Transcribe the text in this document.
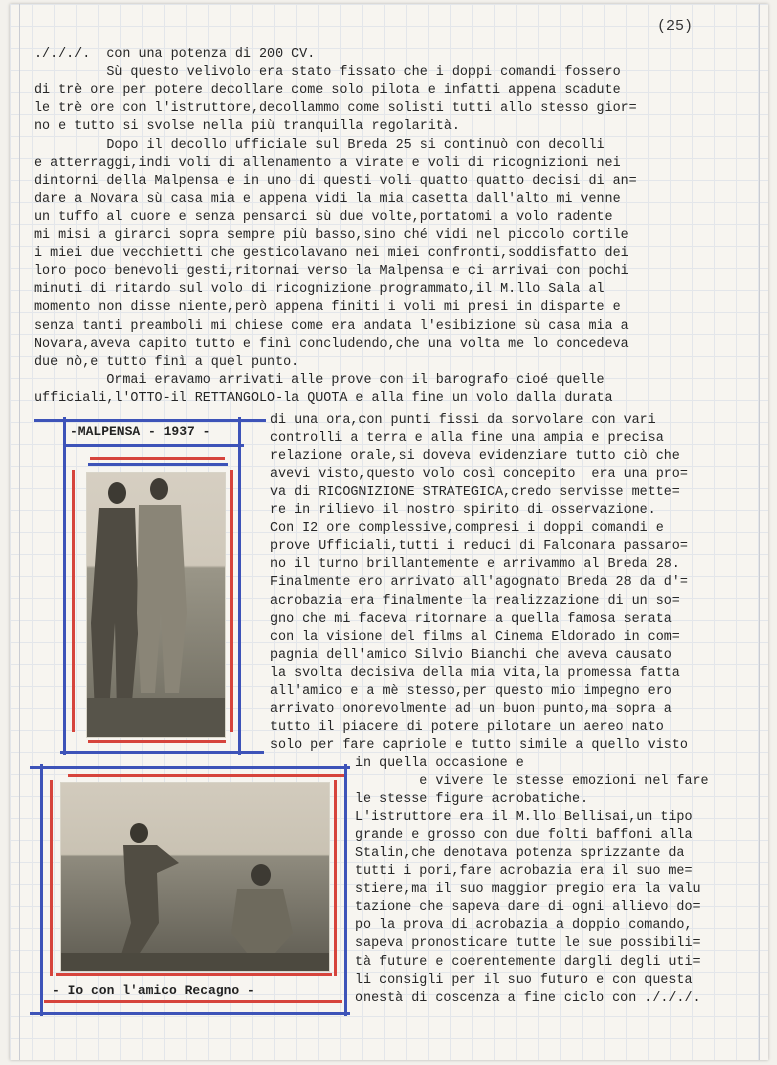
(25)
./././.  con una potenza di 200 CV.
Sù questo velivolo era stato fissato che i doppi comandi fossero
di trè ore per potere decollare come solo pilota e infatti appena scadute
le trè ore con l'istruttore,decollammo come solisti tutti allo stesso gior=
no e tutto si svolse nella più tranquilla regolarità.
Dopo il decollo ufficiale sul Breda 25 si continuò con decolli
e atterraggi,indi voli di allenamento a virate e voli di ricognizioni nei
dintorni della Malpensa e in uno di questi voli quatto quatto decisi di an=
dare a Novara sù casa mia e appena vidi la mia casetta dall'alto mi venne
un tuffo al cuore e senza pensarci sù due volte,portatomi a volo radente
mi misi a girarci sopra sempre più basso,sino ché vidi nel piccolo cortile
i miei due vecchietti che gesticolavano nei miei confronti,soddisfatto dei
loro poco benevoli gesti,ritornai verso la Malpensa e ci arrivai con pochi
minuti di ritardo sul volo di ricognizione programmato,il M.llo Sala al
momento non disse niente,però appena finiti i voli mi presi in disparte e
senza tanti preamboli mi chiese come era andata l'esibizione sù casa mia a
Novara,aveva capito tutto e finì concludendo,che una volta me lo concedeva
due nò,e tutto finì a quel punto.
Ormai eravamo arrivati alle prove con il barografo cioé quelle
ufficiali,l'OTTO-il RETTANGOLO-la QUOTA e alla fine un volo dalla durata
di una ora,con punti fissi da sorvolare con vari
controlli a terra e alla fine una ampia e precisa
relazione orale,si doveva evidenziare tutto ciò che
avevi visto,questo volo così concepito  era una pro=
va di RICOGNIZIONE STRATEGICA,credo servisse mette=
re in rilievo il nostro spirito di osservazione.
Con I2 ore complessive,compresi i doppi comandi e
prove Ufficiali,tutti i reduci di Falconara passaro=
no il turno brillantemente e arrivammo al Breda 28.
Finalmente ero arrivato all'agognato Breda 28 da d'=
acrobazia era finalmente la realizzazione di un so=
gno che mi faceva ritornare a quella famosa serata
con la visione del films al Cinema Eldorado in com=
pagnia dell'amico Silvio Bianchi che aveva causato
la svolta decisiva della mia vita,la promessa fatta
all'amico e a mè stesso,per questo mio impegno ero
arrivato onorevolmente ad un buon punto,ma sopra a
tutto il piacere di potere pilotare un aereo nato
solo per fare capriole e tutto simile a quello visto
in quella occasione e
e vivere le stesse emozioni nel fare
le stesse figure acrobatiche.
L'istruttore era il M.llo Bellisai,un tipo
grande e grosso con due folti baffoni alla
Stalin,che denotava potenza sprizzante da
tutti i pori,fare acrobazia era il suo me=
stiere,ma il suo maggior pregio era la valu
tazione che sapeva dare di ogni allievo do=
po la prova di acrobazia a doppio comando,
sapeva pronosticare tutte le sue possibili=
tà future e coerentemente dargli degli uti=
li consigli per il suo futuro e con questa
onestà di coscenza a fine ciclo con ./././.
-MALPENSA - 1937 -
- Io con l'amico Recagno -
